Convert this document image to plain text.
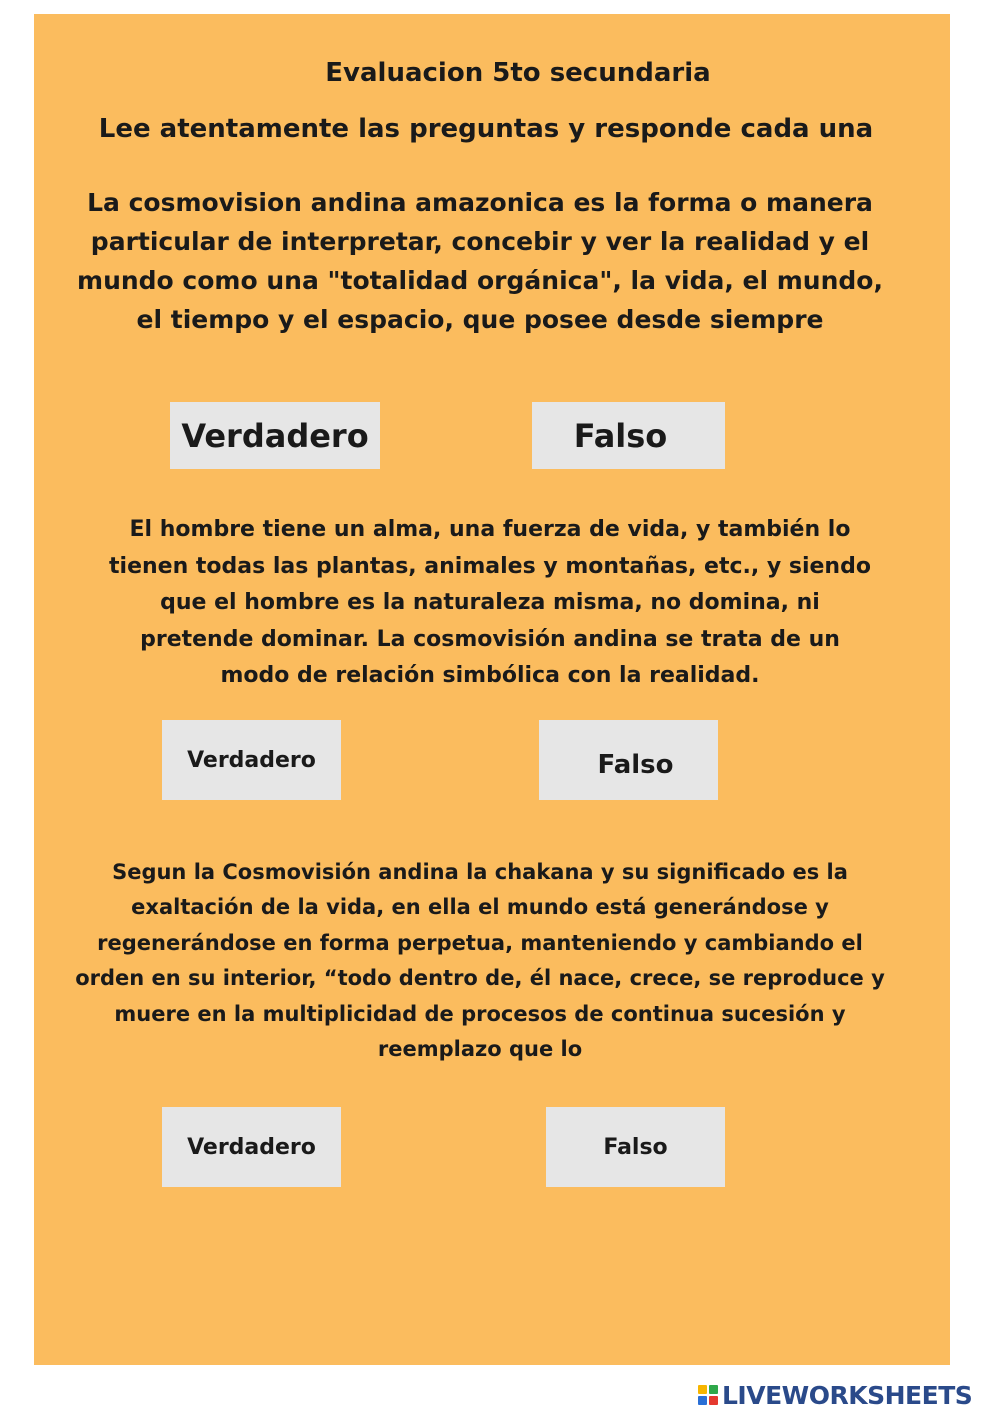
Evaluacion 5to secundaria

Lee atentamente las preguntas y responde cada una

La cosmovision andina amazonica es la forma o manera
particular de interpretar, concebir y ver la realidad y el
mundo como una "totalidad orgánica", la vida, el mundo,
el tiempo y el espacio, que posee desde siempre
Verdadero	Falso
El hombre tiene un alma, una fuerza de vida, y también lo
tienen todas las plantas, animales y montañas, etc., y siendo
que el hombre es la naturaleza misma, no domina, ni
pretende dominar. La cosmovisión andina se trata de un
modo de relación simbólica con la realidad.
Verdadero	Falso
Segun la Cosmovisión andina la chakana y su significado es la
exaltación de la vida, en ella el mundo está generándose y
regenerándose en forma perpetua, manteniendo y cambiando el
orden en su interior, “todo dentro de, él nace, crece, se reproduce y
muere en la multiplicidad de procesos de continua sucesión y
reemplazo que lo
Verdadero	Falso
LIVEWORKSHEETS
